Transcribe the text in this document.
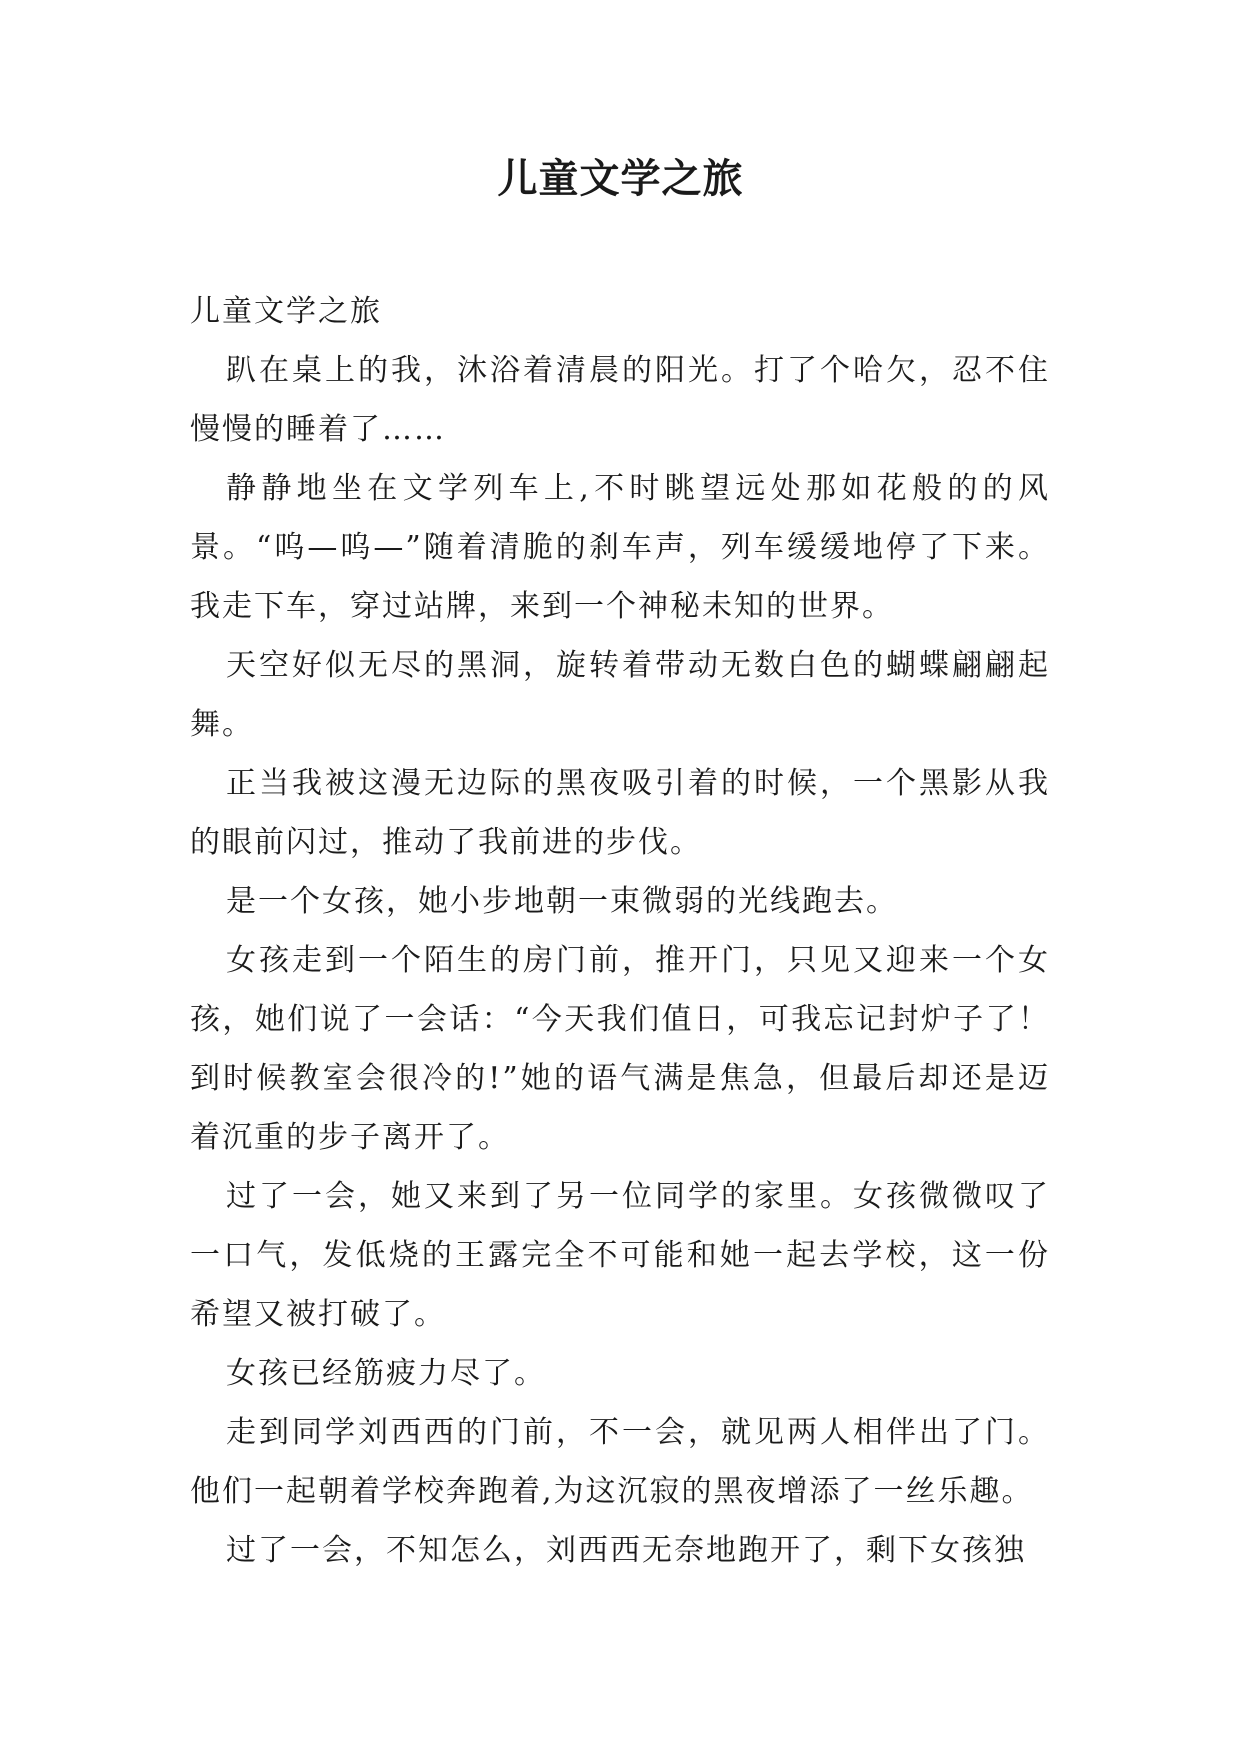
儿童文学之旅

儿童文学之旅

趴在桌上的我，沐浴着清晨的阳光。打了个哈欠，忍不住慢慢的睡着了……

静静地坐在文学列车上,不时眺望远处那如花般的的风景。“呜—呜—”随着清脆的刹车声，列车缓缓地停了下来。我走下车，穿过站牌，来到一个神秘未知的世界。

天空好似无尽的黑洞，旋转着带动无数白色的蝴蝶翩翩起舞。

正当我被这漫无边际的黑夜吸引着的时候，一个黑影从我的眼前闪过，推动了我前进的步伐。

是一个女孩，她小步地朝一束微弱的光线跑去。

女孩走到一个陌生的房门前，推开门，只见又迎来一个女孩，她们说了一会话：“今天我们值日，可我忘记封炉子了！到时候教室会很冷的!”她的语气满是焦急，但最后却还是迈着沉重的步子离开了。

过了一会，她又来到了另一位同学的家里。女孩微微叹了一口气，发低烧的王露完全不可能和她一起去学校，这一份希望又被打破了。

女孩已经筋疲力尽了。

走到同学刘西西的门前，不一会，就见两人相伴出了门。他们一起朝着学校奔跑着,为这沉寂的黑夜增添了一丝乐趣。

过了一会，不知怎么，刘西西无奈地跑开了，剩下女孩独
